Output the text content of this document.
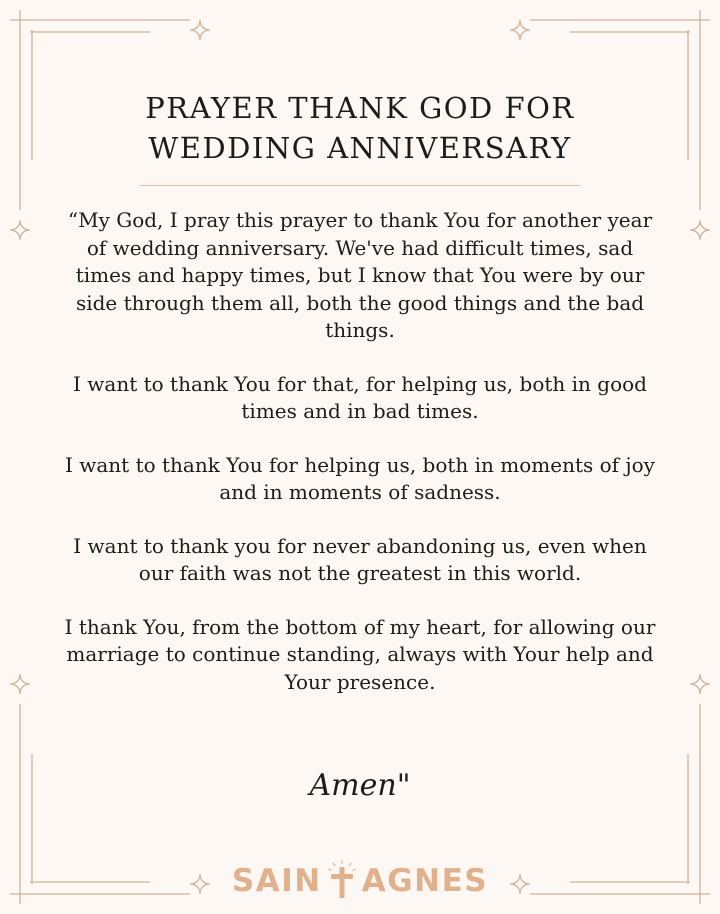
PRAYER THANK GOD FOR
WEDDING ANNIVERSARY

“My God, I pray this prayer to thank You for another year of wedding anniversary. We've had difficult times, sad times and happy times, but I know that You were by our side through them all, both the good things and the bad things.

I want to thank You for that, for helping us, both in good times and in bad times.

I want to thank You for helping us, both in moments of joy and in moments of sadness.

I want to thank you for never abandoning us, even when our faith was not the greatest in this world.

I thank You, from the bottom of my heart, for allowing our marriage to continue standing, always with Your help and Your presence.

Amen"
SAIN AGNES
